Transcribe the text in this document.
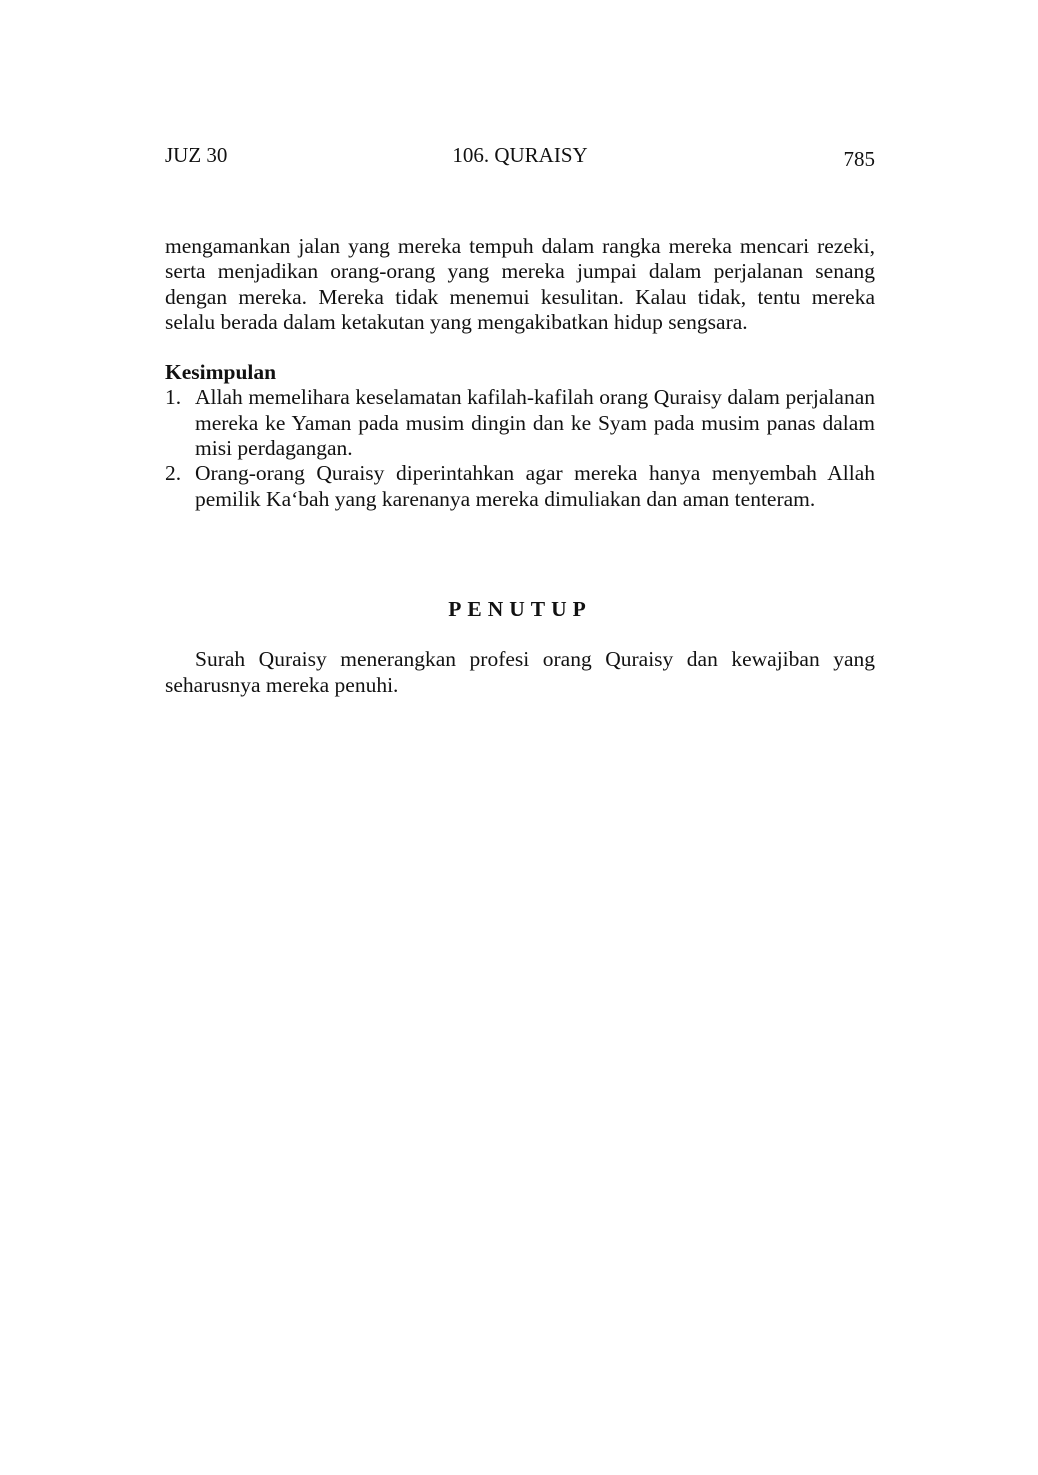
JUZ 30	106. QURAISY	785

mengamankan jalan yang mereka tempuh dalam rangka mereka mencari rezeki, serta menjadikan orang-orang yang mereka jumpai dalam perjalanan senang dengan mereka. Mereka tidak menemui kesulitan. Kalau tidak, tentu mereka selalu berada dalam ketakutan yang mengakibatkan hidup sengsara.

Kesimpulan
1. Allah memelihara keselamatan kafilah-kafilah orang Quraisy dalam perjalanan mereka ke Yaman pada musim dingin dan ke Syam pada musim panas dalam misi perdagangan.
2. Orang-orang Quraisy diperintahkan agar mereka hanya menyembah Allah pemilik Ka‘bah yang karenanya mereka dimuliakan dan aman tenteram.
PENUTUP

Surah Quraisy menerangkan profesi orang Quraisy dan kewajiban yang seharusnya mereka penuhi.
